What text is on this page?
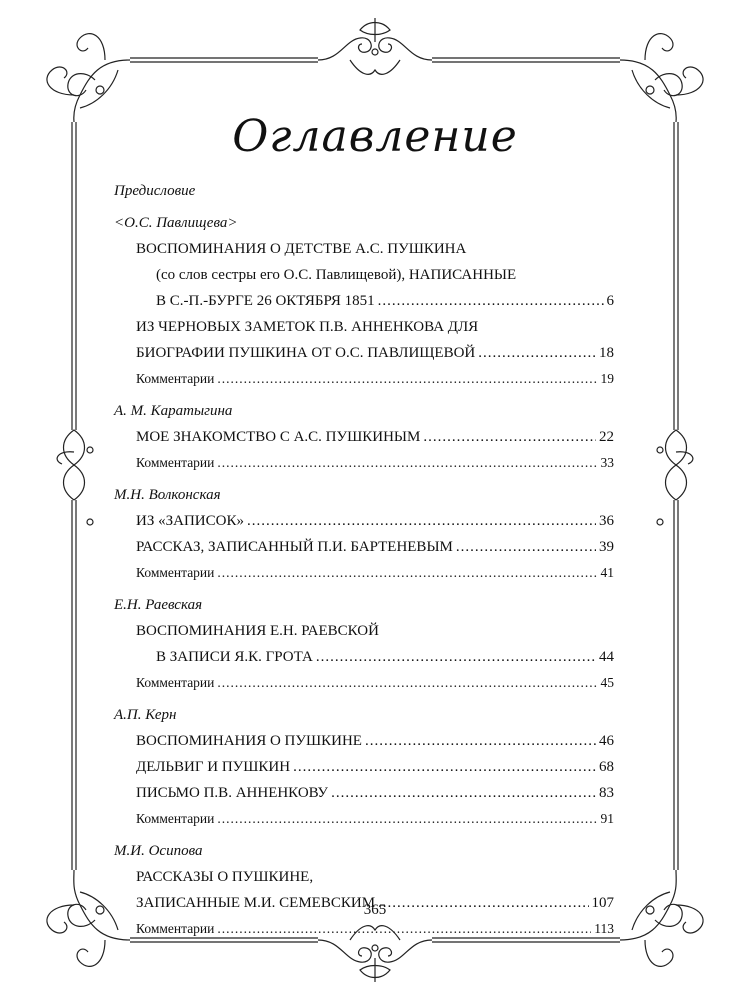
Оглавление
Предисловие
<О.С. Павлищева>
ВОСПОМИНАНИЯ О ДЕТСТВЕ А.С. ПУШКИНА
(со слов сестры его О.С. Павлищевой), НАПИСАННЫЕ
В С.-П.-БУРГЕ 26 ОКТЯБРЯ 1851 .....	6
ИЗ ЧЕРНОВЫХ ЗАМЕТОК П.В. АННЕНКОВА ДЛЯ
БИОГРАФИИ ПУШКИНА ОТ О.С. ПАВЛИЩЕВОЙ .....	18
Комментарии .....	19
А. М. Каратыгина
МОЕ ЗНАКОМСТВО С А.С. ПУШКИНЫМ .....	22
Комментарии .....	33
М.Н. Волконская
ИЗ «ЗАПИСОК» .....	36
РАССКАЗ, ЗАПИСАННЫЙ П.И. БАРТЕНЕВЫМ .....	39
Комментарии .....	41
Е.Н. Раевская
ВОСПОМИНАНИЯ Е.Н. РАЕВСКОЙ
В ЗАПИСИ Я.К. ГРОТА .....	44
Комментарии .....	45
А.П. Керн
ВОСПОМИНАНИЯ О ПУШКИНЕ .....	46
ДЕЛЬВИГ И ПУШКИН .....	68
ПИСЬМО П.В. АННЕНКОВУ .....	83
Комментарии .....	91
М.И. Осипова
РАССКАЗЫ О ПУШКИНЕ,
ЗАПИСАННЫЕ М.И. СЕМЕВСКИМ .....	107
Комментарии .....	113
365
